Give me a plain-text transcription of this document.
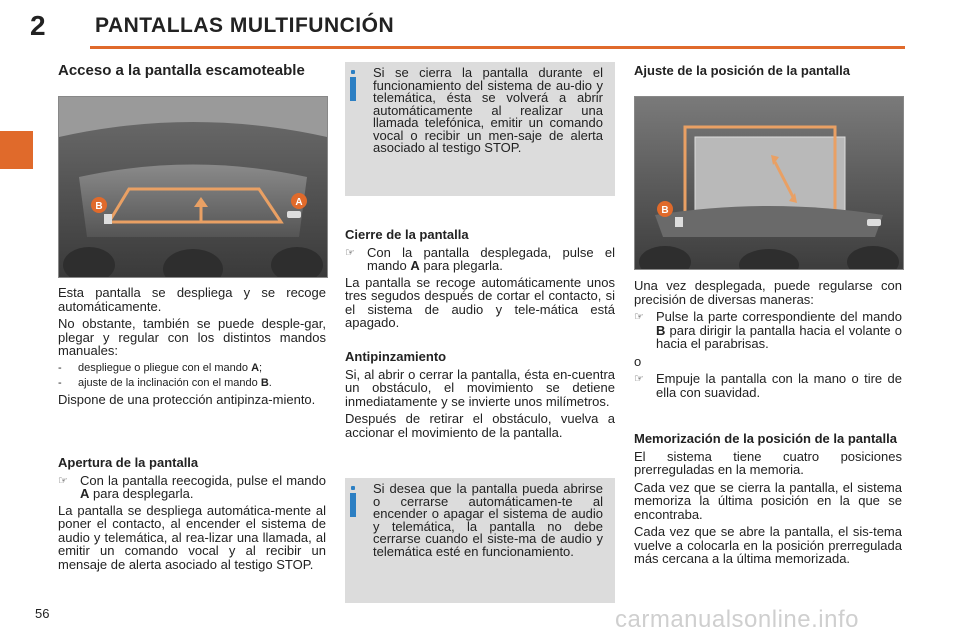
2 PANTALLAS MULTIFUNCIÓN
Acceso a la pantalla escamoteable
B	A

Esta pantalla se despliega y se recoge automáticamente.

No obstante, también se puede desple-gar, plegar y regular con los distintos mandos manuales:

-	despliegue o pliegue con el mando A;
-	ajuste de la inclinación con el mando B.

Dispone de una protección antipinza-miento.

Apertura de la pantalla
☞ Con la pantalla reecogida, pulse el mando A para desplegarla.

La pantalla se despliega automática-mente al poner el contacto, al encender el sistema de audio y telemática, al rea-lizar una llamada, al emitir un comando vocal y al recibir un mensaje de alerta asociado al testigo STOP.

Si se cierra la pantalla durante el funcionamiento del sistema de au-dio y telemática, ésta se volverá a abrir automáticamente al realizar una llamada telefónica, emitir un comando vocal o recibir un men-saje de alerta asociado al testigo STOP.
Cierre de la pantalla
☞ Con la pantalla desplegada, pulse el mando A para plegarla.

La pantalla se recoge automáticamente unos tres segudos después de cortar el contacto, si el sistema de audio y tele-mática está apagado.

Antipinzamiento

Si, al abrir o cerrar la pantalla, ésta en-cuentra un obstáculo, el movimiento se detiene inmediatamente y se invierte unos milímetros.

Después de retirar el obstáculo, vuelva a accionar el movimiento de la pantalla.

Si desea que la pantalla pueda abrirse o cerrarse automáticamen-te al encender o apagar el sistema de audio y telemática, la pantalla no debe cerrarse cuando el siste-ma de audio y telemática esté en funcionamiento.
Ajuste de la posición de la pantalla
B

Una vez desplegada, puede regularse con precisión de diversas maneras:

☞ Pulse la parte correspondiente del mando B para dirigir la pantalla hacia el volante o hacia el parabrisas.

o

☞ Empuje la pantalla con la mano o tire de ella con suavidad.
Memorización de la posición de la pantalla

El sistema tiene cuatro posiciones prerreguladas en la memoria.

Cada vez que se cierra la pantalla, el sistema memoriza la última posición en la que se encontraba.

Cada vez que se abre la pantalla, el sis-tema vuelve a colocarla en la posición prerregulada más cercana a la última memorizada.

56	carmanualsonline.info
